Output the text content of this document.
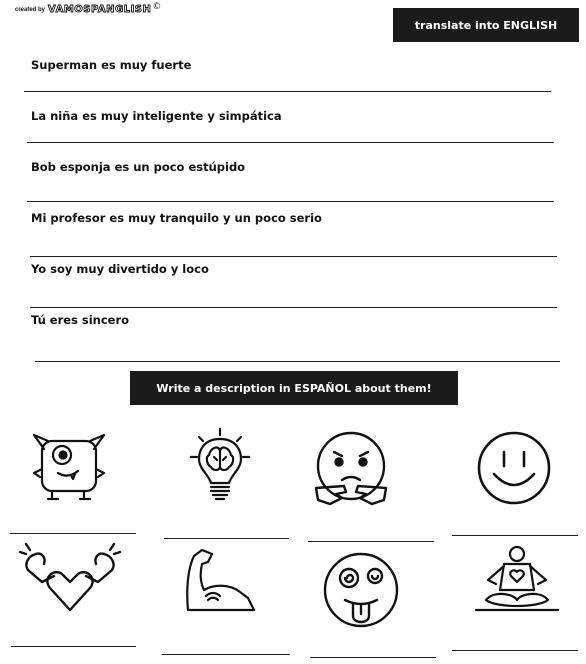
created by VAMOSPANGLISH ©
translate into ENGLISH
Superman es muy fuerte
La niña es muy inteligente y simpática
Bob esponja es un poco estúpido
Mi profesor es muy tranquilo y un poco serio
Yo soy muy divertido y loco
Tú eres sincero
Write a description in ESPAÑOL about them!
